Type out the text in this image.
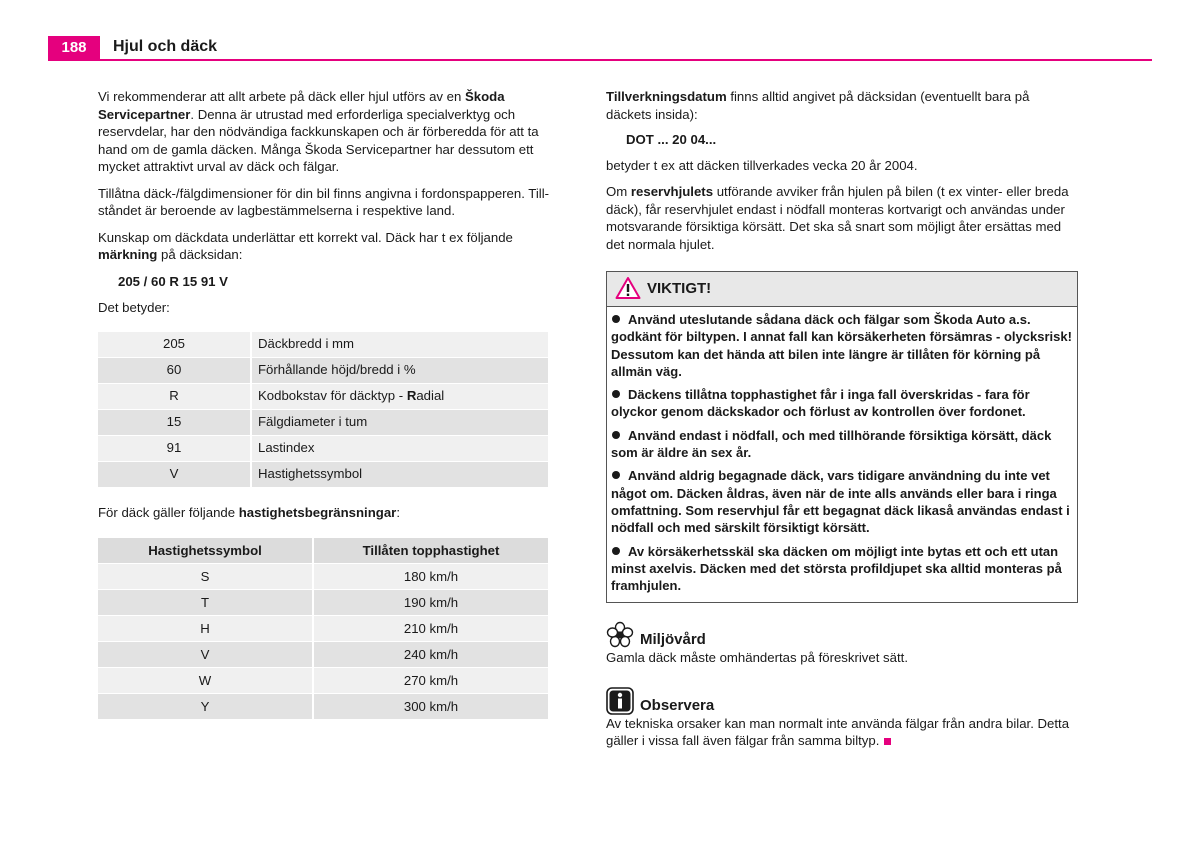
188	Hjul och däck

Vi rekommenderar att allt arbete på däck eller hjul utförs av en Škoda Servicepartner. Denna är utrustad med erforderliga specialverktyg och reservdelar, har den nödvändiga fackkunskapen och är förberedda för att ta hand om de gamla däcken. Många Škoda Servicepartner har dessutom ett mycket attraktivt urval av däck och fälgar.

Tillåtna däck-/fälgdimensioner för din bil finns angivna i fordonspapperen. Tillståndet är beroende av lagbestämmelserna i respektive land.

Kunskap om däckdata underlättar ett korrekt val. Däck har t ex följande märkning på däcksidan:

205 / 60 R 15 91 V

Det betyder:

205	Däckbredd i mm
60	Förhållande höjd/bredd i %
R	Kodbokstav för däcktyp - Radial
15	Fälgdiameter i tum
91	Lastindex
V	Hastighetssymbol

För däck gäller följande hastighetsbegränsningar:

Hastighetssymbol	Tillåten topphastighet
S	180 km/h
T	190 km/h
H	210 km/h
V	240 km/h
W	270 km/h
Y	300 km/h

Tillverkningsdatum finns alltid angivet på däcksidan (eventuellt bara på däckets insida):

DOT ... 20 04...

betyder t ex att däcken tillverkades vecka 20 år 2004.

Om reservhjulets utförande avviker från hjulen på bilen (t ex vinter- eller breda däck), får reservhjulet endast i nödfall monteras kortvarigt och användas under motsvarande försiktiga körsätt. Det ska så snart som möjligt åter ersättas med det normala hjulet.

VIKTIGT!

Använd uteslutande sådana däck och fälgar som Škoda Auto a.s. godkänt för biltypen. I annat fall kan körsäkerheten försämras - olycksrisk! Dessutom kan det hända att bilen inte längre är tillåten för körning på allmän väg.

Däckens tillåtna topphastighet får i inga fall överskridas - fara för olyckor genom däckskador och förlust av kontrollen över fordonet.

Använd endast i nödfall, och med tillhörande försiktiga körsätt, däck som är äldre än sex år.

Använd aldrig begagnade däck, vars tidigare användning du inte vet något om. Däcken åldras, även när de inte alls används eller bara i ringa omfattning. Som reservhjul får ett begagnat däck likaså användas endast i nödfall och med särskilt försiktigt körsätt.

Av körsäkerhetsskäl ska däcken om möjligt inte bytas ett och ett utan minst axelvis. Däcken med det största profildjupet ska alltid monteras på framhjulen.

Miljövård

Gamla däck måste omhändertas på föreskrivet sätt.

Observera

Av tekniska orsaker kan man normalt inte använda fälgar från andra bilar. Detta gäller i vissa fall även fälgar från samma biltyp.
